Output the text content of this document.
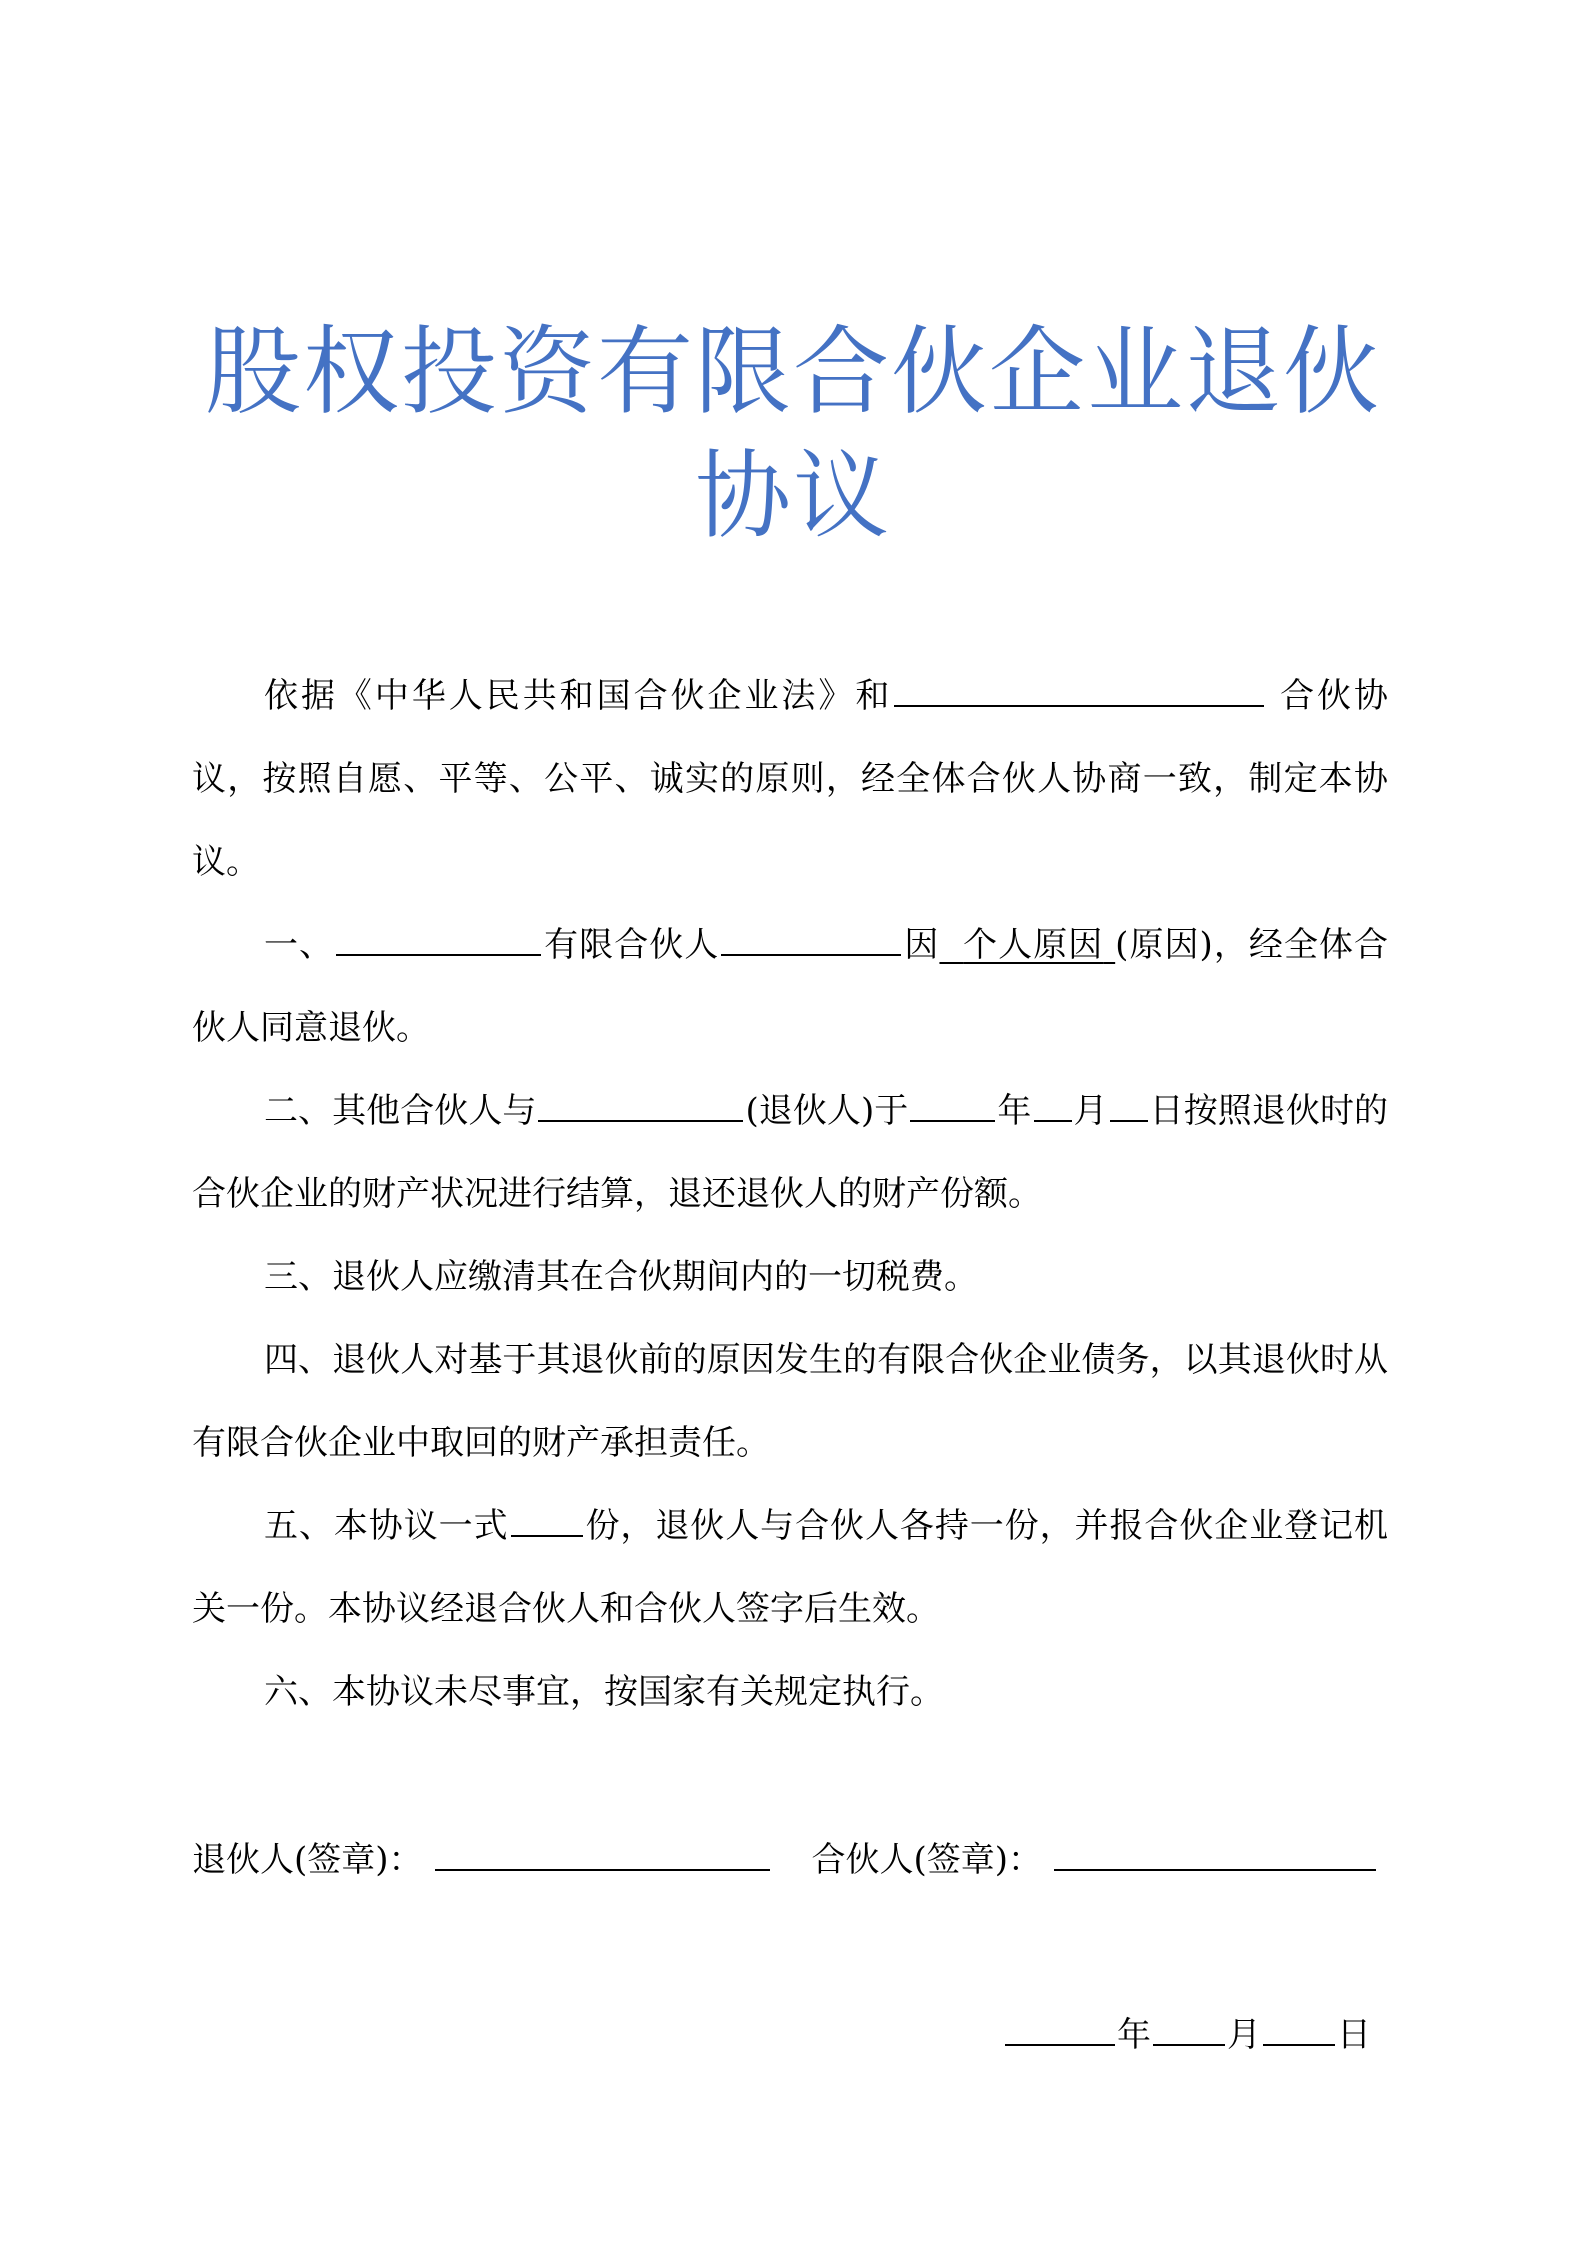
股权投资有限合伙企业退伙
协议

依据《中华人民共和国合伙企业法》和	合伙协议，按照自愿、平等、公平、诚实的原则，经全体合伙人协商一致，制定本协议。

一、	有限合伙人	因 个人原因 (原因)，经全体合伙人同意退伙。

二、其他合伙人与	(退伙人)于	年 月 日按照退伙时的合伙企业的财产状况进行结算，退还退伙人的财产份额。

三、退伙人应缴清其在合伙期间内的一切税费。

四、退伙人对基于其退伙前的原因发生的有限合伙企业债务，以其退伙时从有限合伙企业中取回的财产承担责任。

五、本协议一式 份，退伙人与合伙人各持一份，并报合伙企业登记机关一份。本协议经退合伙人和合伙人签字后生效。

六、本协议未尽事宜，按国家有关规定执行。

退伙人(签章)：	合伙人(签章)：
年 月 日
